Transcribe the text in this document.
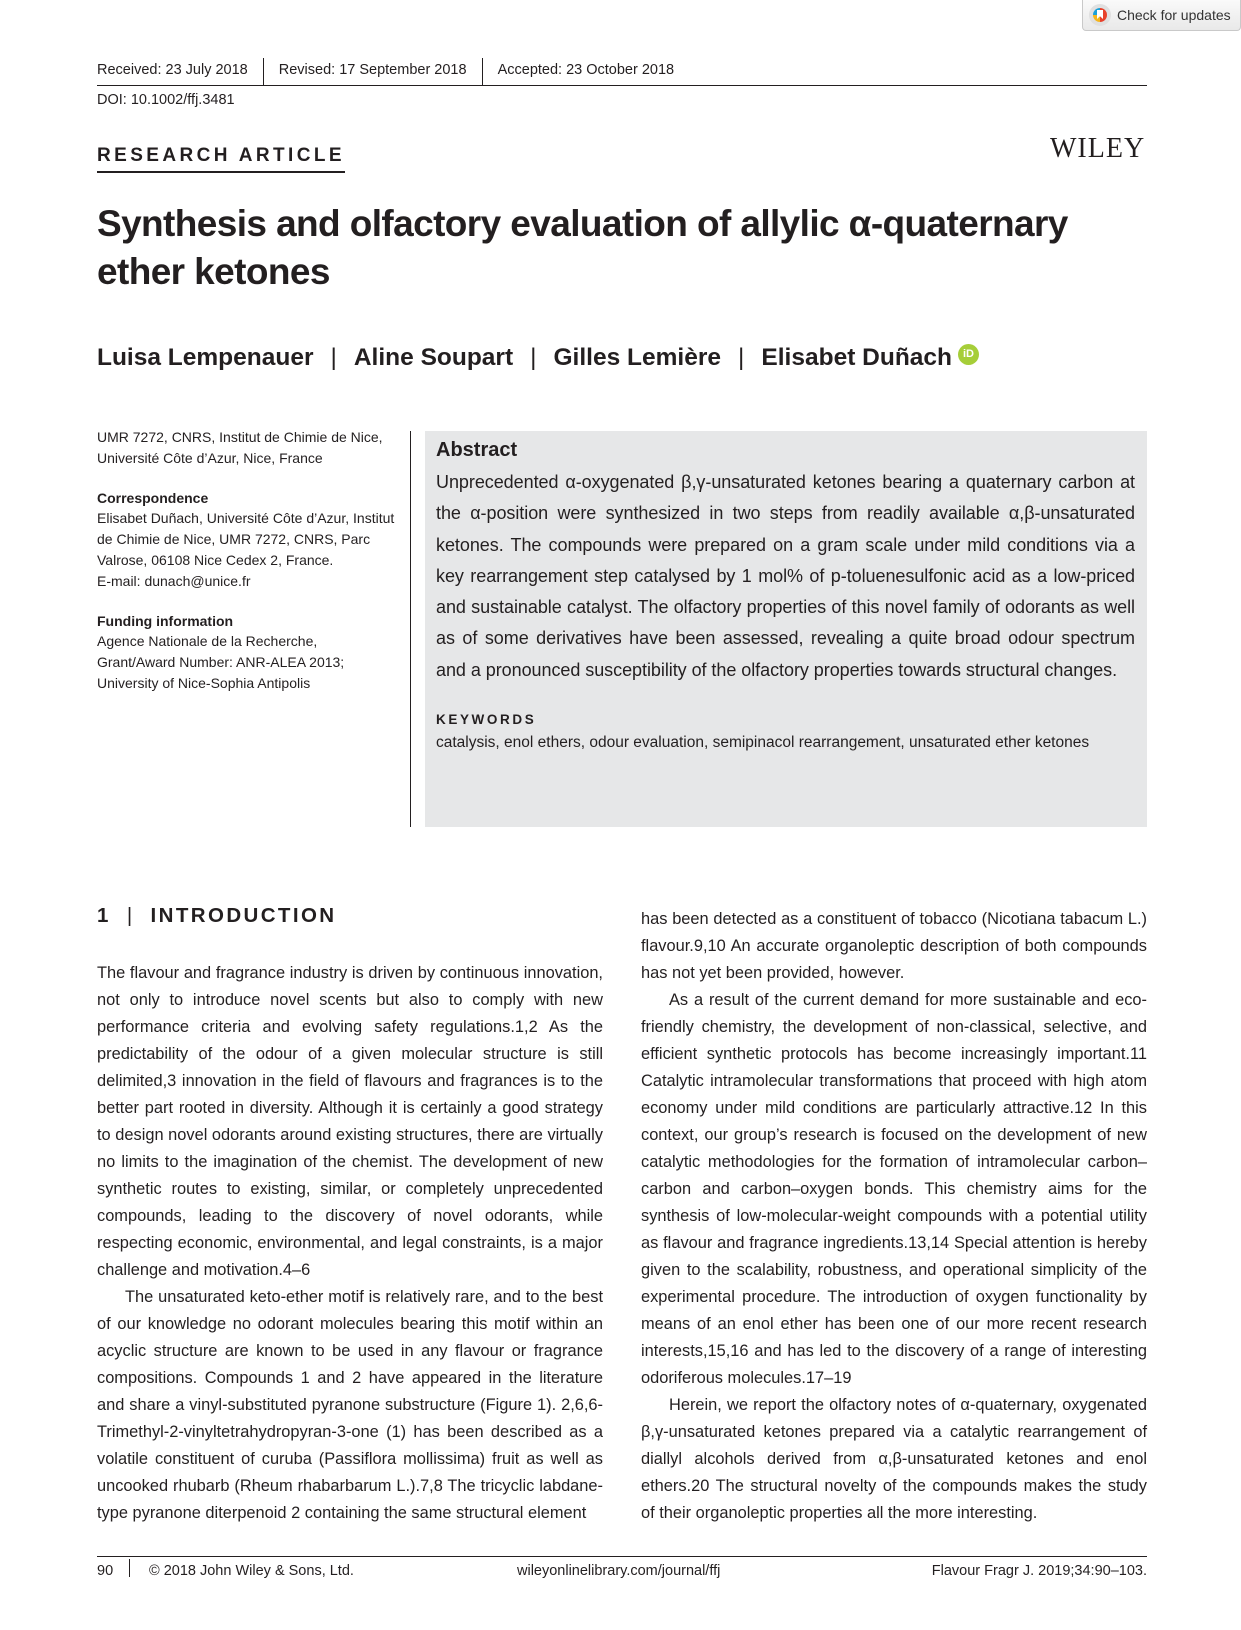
Check for updates
Received: 23 July 2018	Revised: 17 September 2018	Accepted: 23 October 2018
DOI: 10.1002/ffj.3481
RESEARCH ARTICLE	WILEY
Synthesis and olfactory evaluation of allylic α-quaternary ether ketones
Luisa Lempenauer | Aline Soupart | Gilles Lemière | Elisabet Duñach	iD
UMR 7272, CNRS, Institut de Chimie de Nice, Université Côte d’Azur, Nice, France
Correspondence
Elisabet Duñach, Université Côte d’Azur, Institut de Chimie de Nice, UMR 7272, CNRS, Parc Valrose, 06108 Nice Cedex 2, France.
E-mail: dunach@unice.fr
Funding information
Agence Nationale de la Recherche, Grant/Award Number: ANR-ALEA 2013; University of Nice-Sophia Antipolis
Abstract
Unprecedented α-oxygenated β,γ-unsaturated ketones bearing a quaternary carbon at the α-position were synthesized in two steps from readily available α,β-unsaturated ketones. The compounds were prepared on a gram scale under mild conditions via a key rearrangement step catalysed by 1 mol% of p-toluenesulfonic acid as a low-priced and sustainable catalyst. The olfactory properties of this novel family of odorants as well as of some derivatives have been assessed, revealing a quite broad odour spectrum and a pronounced susceptibility of the olfactory properties towards structural changes.
KEYWORDS
catalysis, enol ethers, odour evaluation, semipinacol rearrangement, unsaturated ether ketones
1 | INTRODUCTION

The flavour and fragrance industry is driven by continuous innovation, not only to introduce novel scents but also to comply with new performance criteria and evolving safety regulations.1,2 As the predictability of the odour of a given molecular structure is still delimited,3 innovation in the field of flavours and fragrances is to the better part rooted in diversity. Although it is certainly a good strategy to design novel odorants around existing structures, there are virtually no limits to the imagination of the chemist. The development of new synthetic routes to existing, similar, or completely unprecedented compounds, leading to the discovery of novel odorants, while respecting economic, environmental, and legal constraints, is a major challenge and motivation.4–6

The unsaturated keto-ether motif is relatively rare, and to the best of our knowledge no odorant molecules bearing this motif within an acyclic structure are known to be used in any flavour or fragrance compositions. Compounds 1 and 2 have appeared in the literature and share a vinyl-substituted pyranone substructure (Figure 1). 2,6,6-Trimethyl-2-vinyltetrahydropyran-3-one (1) has been described as a volatile constituent of curuba (Passiflora mollissima) fruit as well as uncooked rhubarb (Rheum rhabarbarum L.).7,8 The tricyclic labdane-type pyranone diterpenoid 2 containing the same structural element

has been detected as a constituent of tobacco (Nicotiana tabacum L.) flavour.9,10 An accurate organoleptic description of both compounds has not yet been provided, however.

As a result of the current demand for more sustainable and eco-friendly chemistry, the development of non-classical, selective, and efficient synthetic protocols has become increasingly important.11 Catalytic intramolecular transformations that proceed with high atom economy under mild conditions are particularly attractive.12 In this context, our group’s research is focused on the development of new catalytic methodologies for the formation of intramolecular carbon–carbon and carbon–oxygen bonds. This chemistry aims for the synthesis of low-molecular-weight compounds with a potential utility as flavour and fragrance ingredients.13,14 Special attention is hereby given to the scalability, robustness, and operational simplicity of the experimental procedure. The introduction of oxygen functionality by means of an enol ether has been one of our more recent research interests,15,16 and has led to the discovery of a range of interesting odoriferous molecules.17–19

Herein, we report the olfactory notes of α-quaternary, oxygenated β,γ-unsaturated ketones prepared via a catalytic rearrangement of diallyl alcohols derived from α,β-unsaturated ketones and enol ethers.20 The structural novelty of the compounds makes the study of their organoleptic properties all the more interesting.

90 © 2018 John Wiley & Sons, Ltd.	wileyonlinelibrary.com/journal/ffj	Flavour Fragr J. 2019;34:90–103.
